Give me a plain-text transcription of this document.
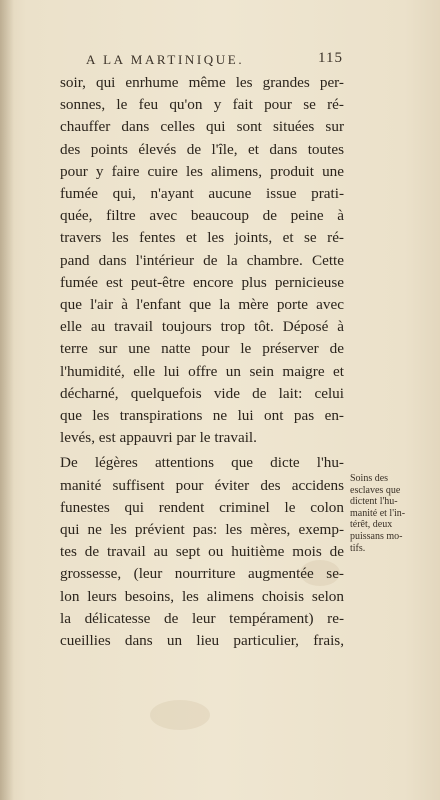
A LA MARTINIQUE.	115
soir, qui enrhume même les grandes per-
sonnes, le feu qu'on y fait pour se ré-
chauffer dans celles qui sont situées sur
des points élevés de l'île, et dans toutes
pour y faire cuire les alimens, produit une
fumée qui, n'ayant aucune issue prati-
quée, filtre avec beaucoup de peine à
travers les fentes et les joints, et se ré-
pand dans l'intérieur de la chambre. Cette
fumée est peut-être encore plus pernicieuse
que l'air à l'enfant que la mère porte avec
elle au travail toujours trop tôt. Déposé à
terre sur une natte pour le préserver de
l'humidité, elle lui offre un sein maigre et
décharné, quelquefois vide de lait: celui
que les transpirations ne lui ont pas en-
levés, est appauvri par le travail.
De légères attentions que dicte l'hu-
manité suffisent pour éviter des accidens
funestes qui rendent criminel le colon
qui ne les prévient pas: les mères, exemp-
tes de travail au sept ou huitième mois de
grossesse, (leur nourriture augmentée se-
lon leurs besoins, les alimens choisis selon
la délicatesse de leur tempérament) re-
cueillies dans un lieu particulier, frais,
Soins des
esclaves que
dictent l'hu-
manité et l'in-
térêt, deux
puissans mo-
tifs.
